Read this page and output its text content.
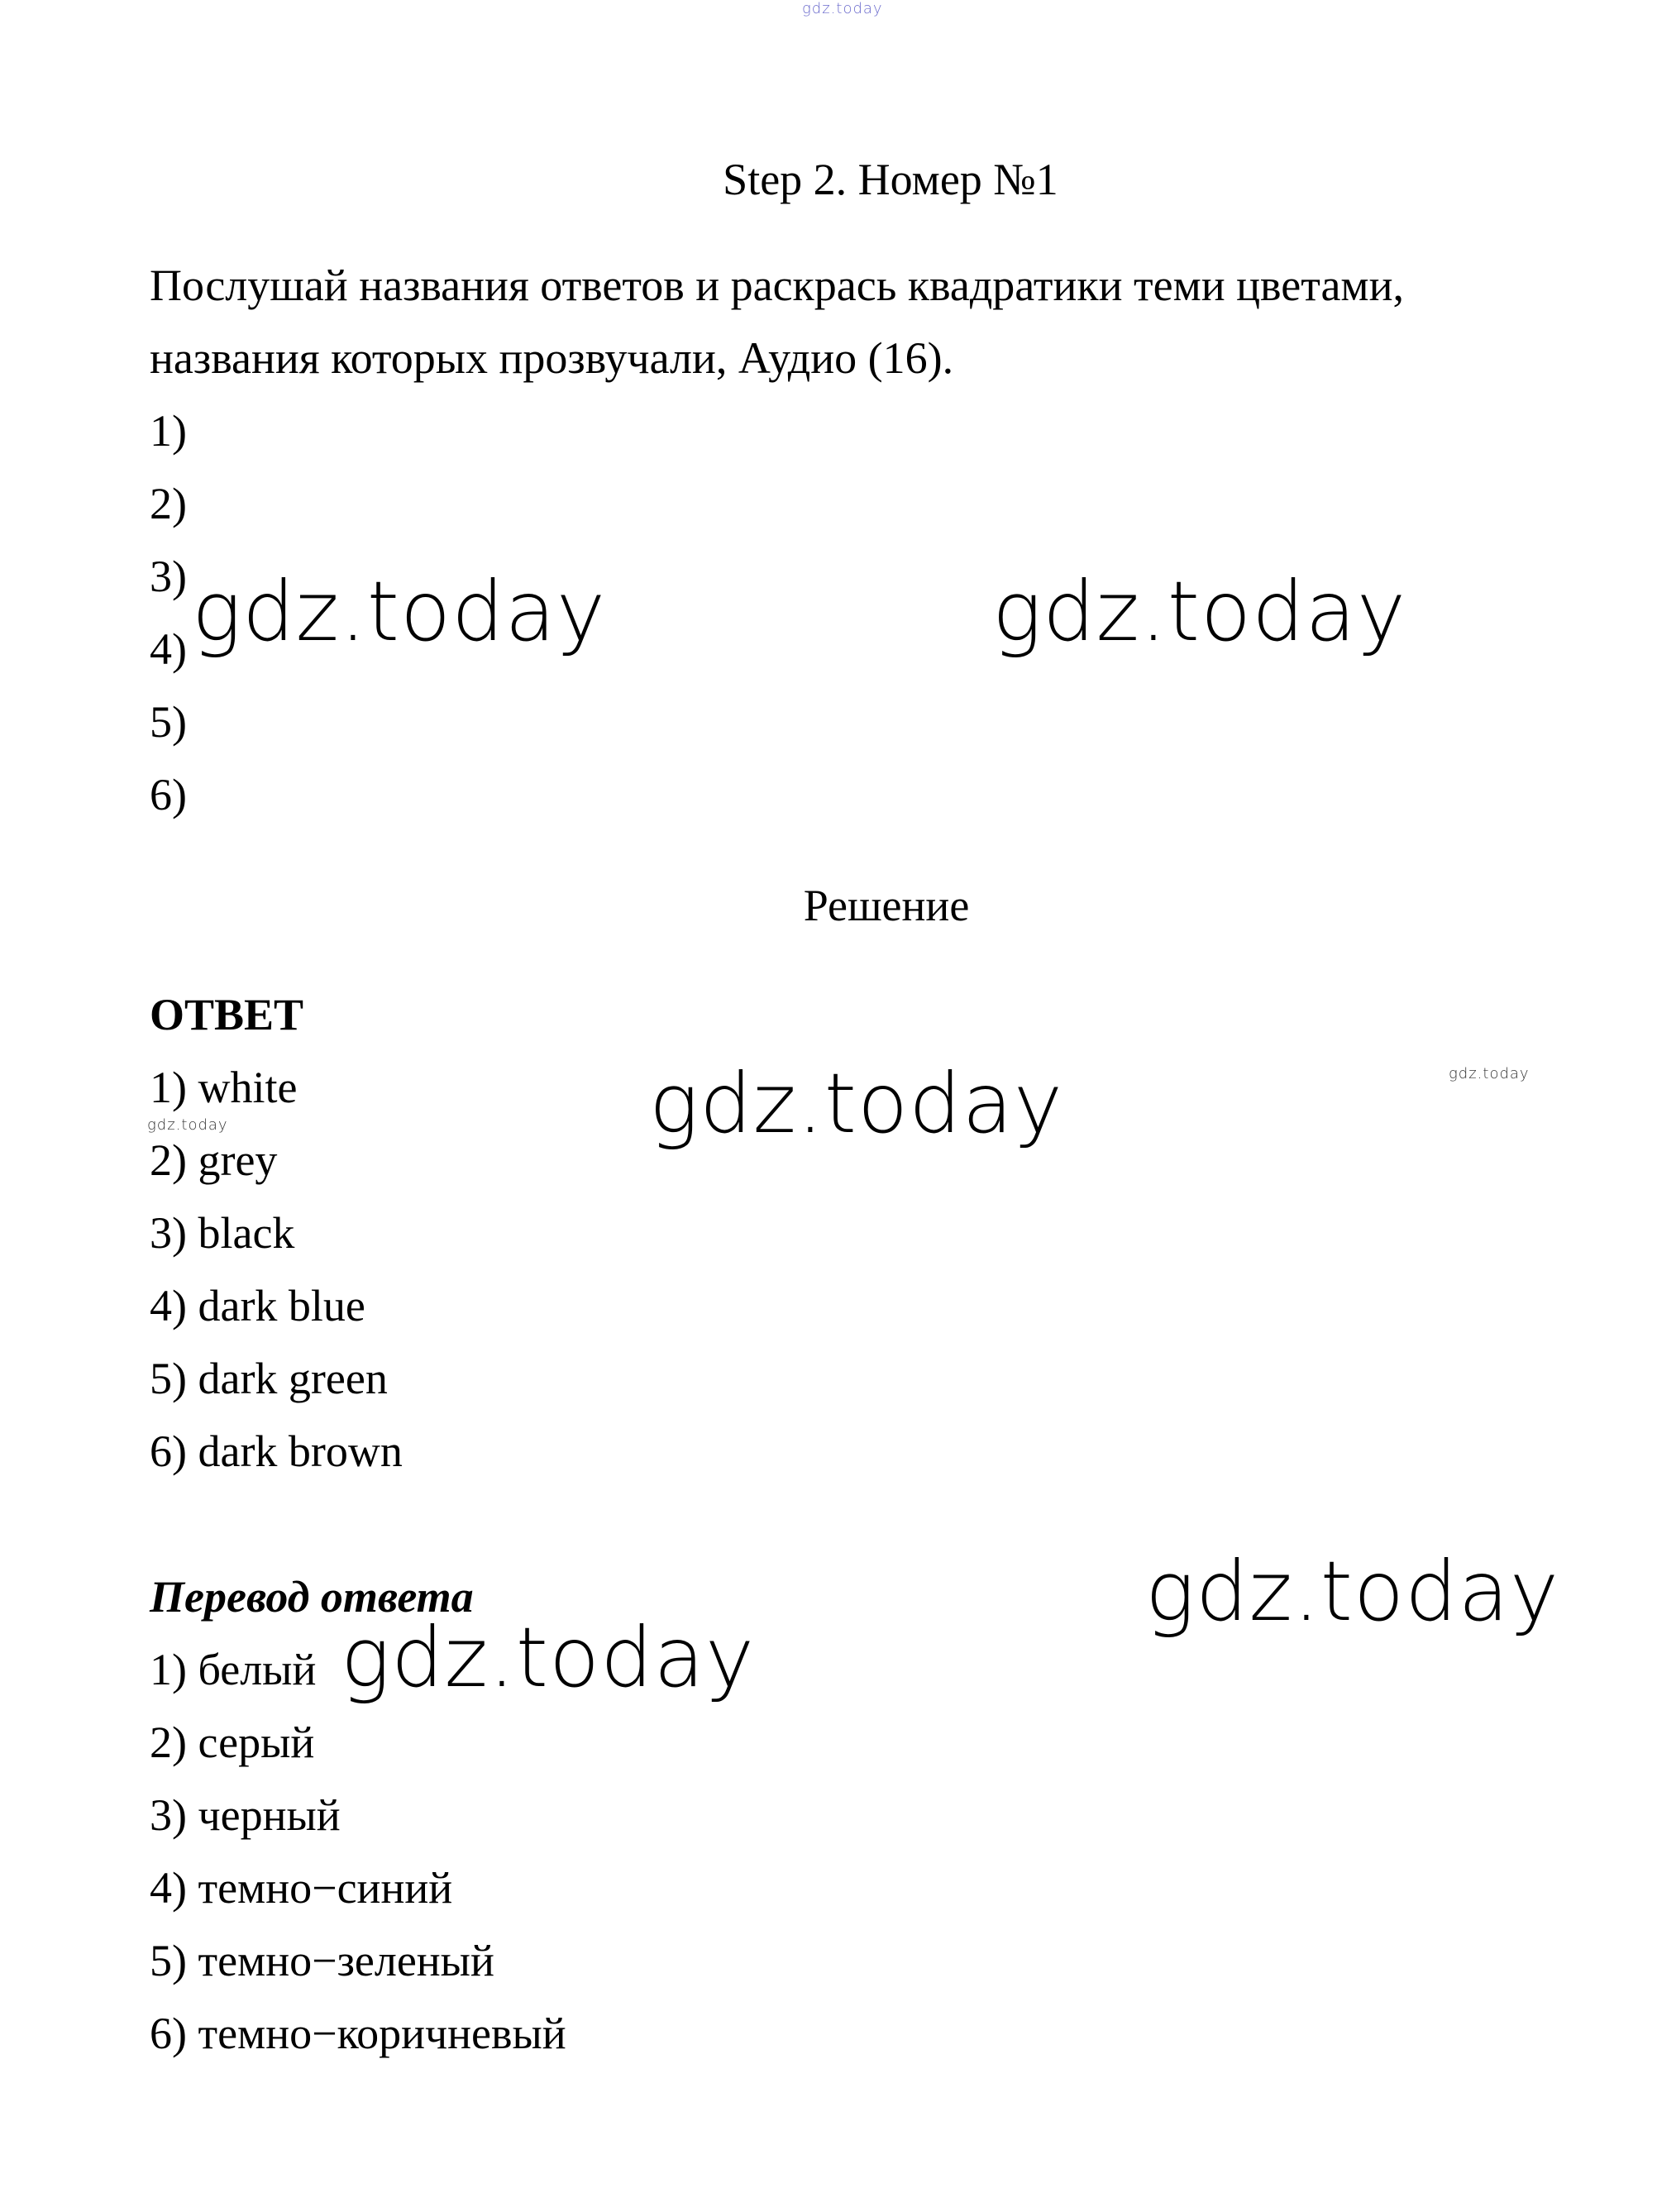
gdz.today
Step 2. Номер №1
Послушай названия ответов и раскрась квадратики теми цветами,
названия которых прозвучали, Аудио (16).
1)
2)
3)
4)
5)
6)
gdz.today	gdz.today
Решение
ОТВЕТ
1) white
2) grey
3) black
4) dark blue
5) dark green
6) dark brown
gdz.today	gdz.today	gdz.today
Перевод ответа
1) белый
2) серый
3) черный
4) темно−синий
5) темно−зеленый
6) темно−коричневый
gdz.today
gdz.today
